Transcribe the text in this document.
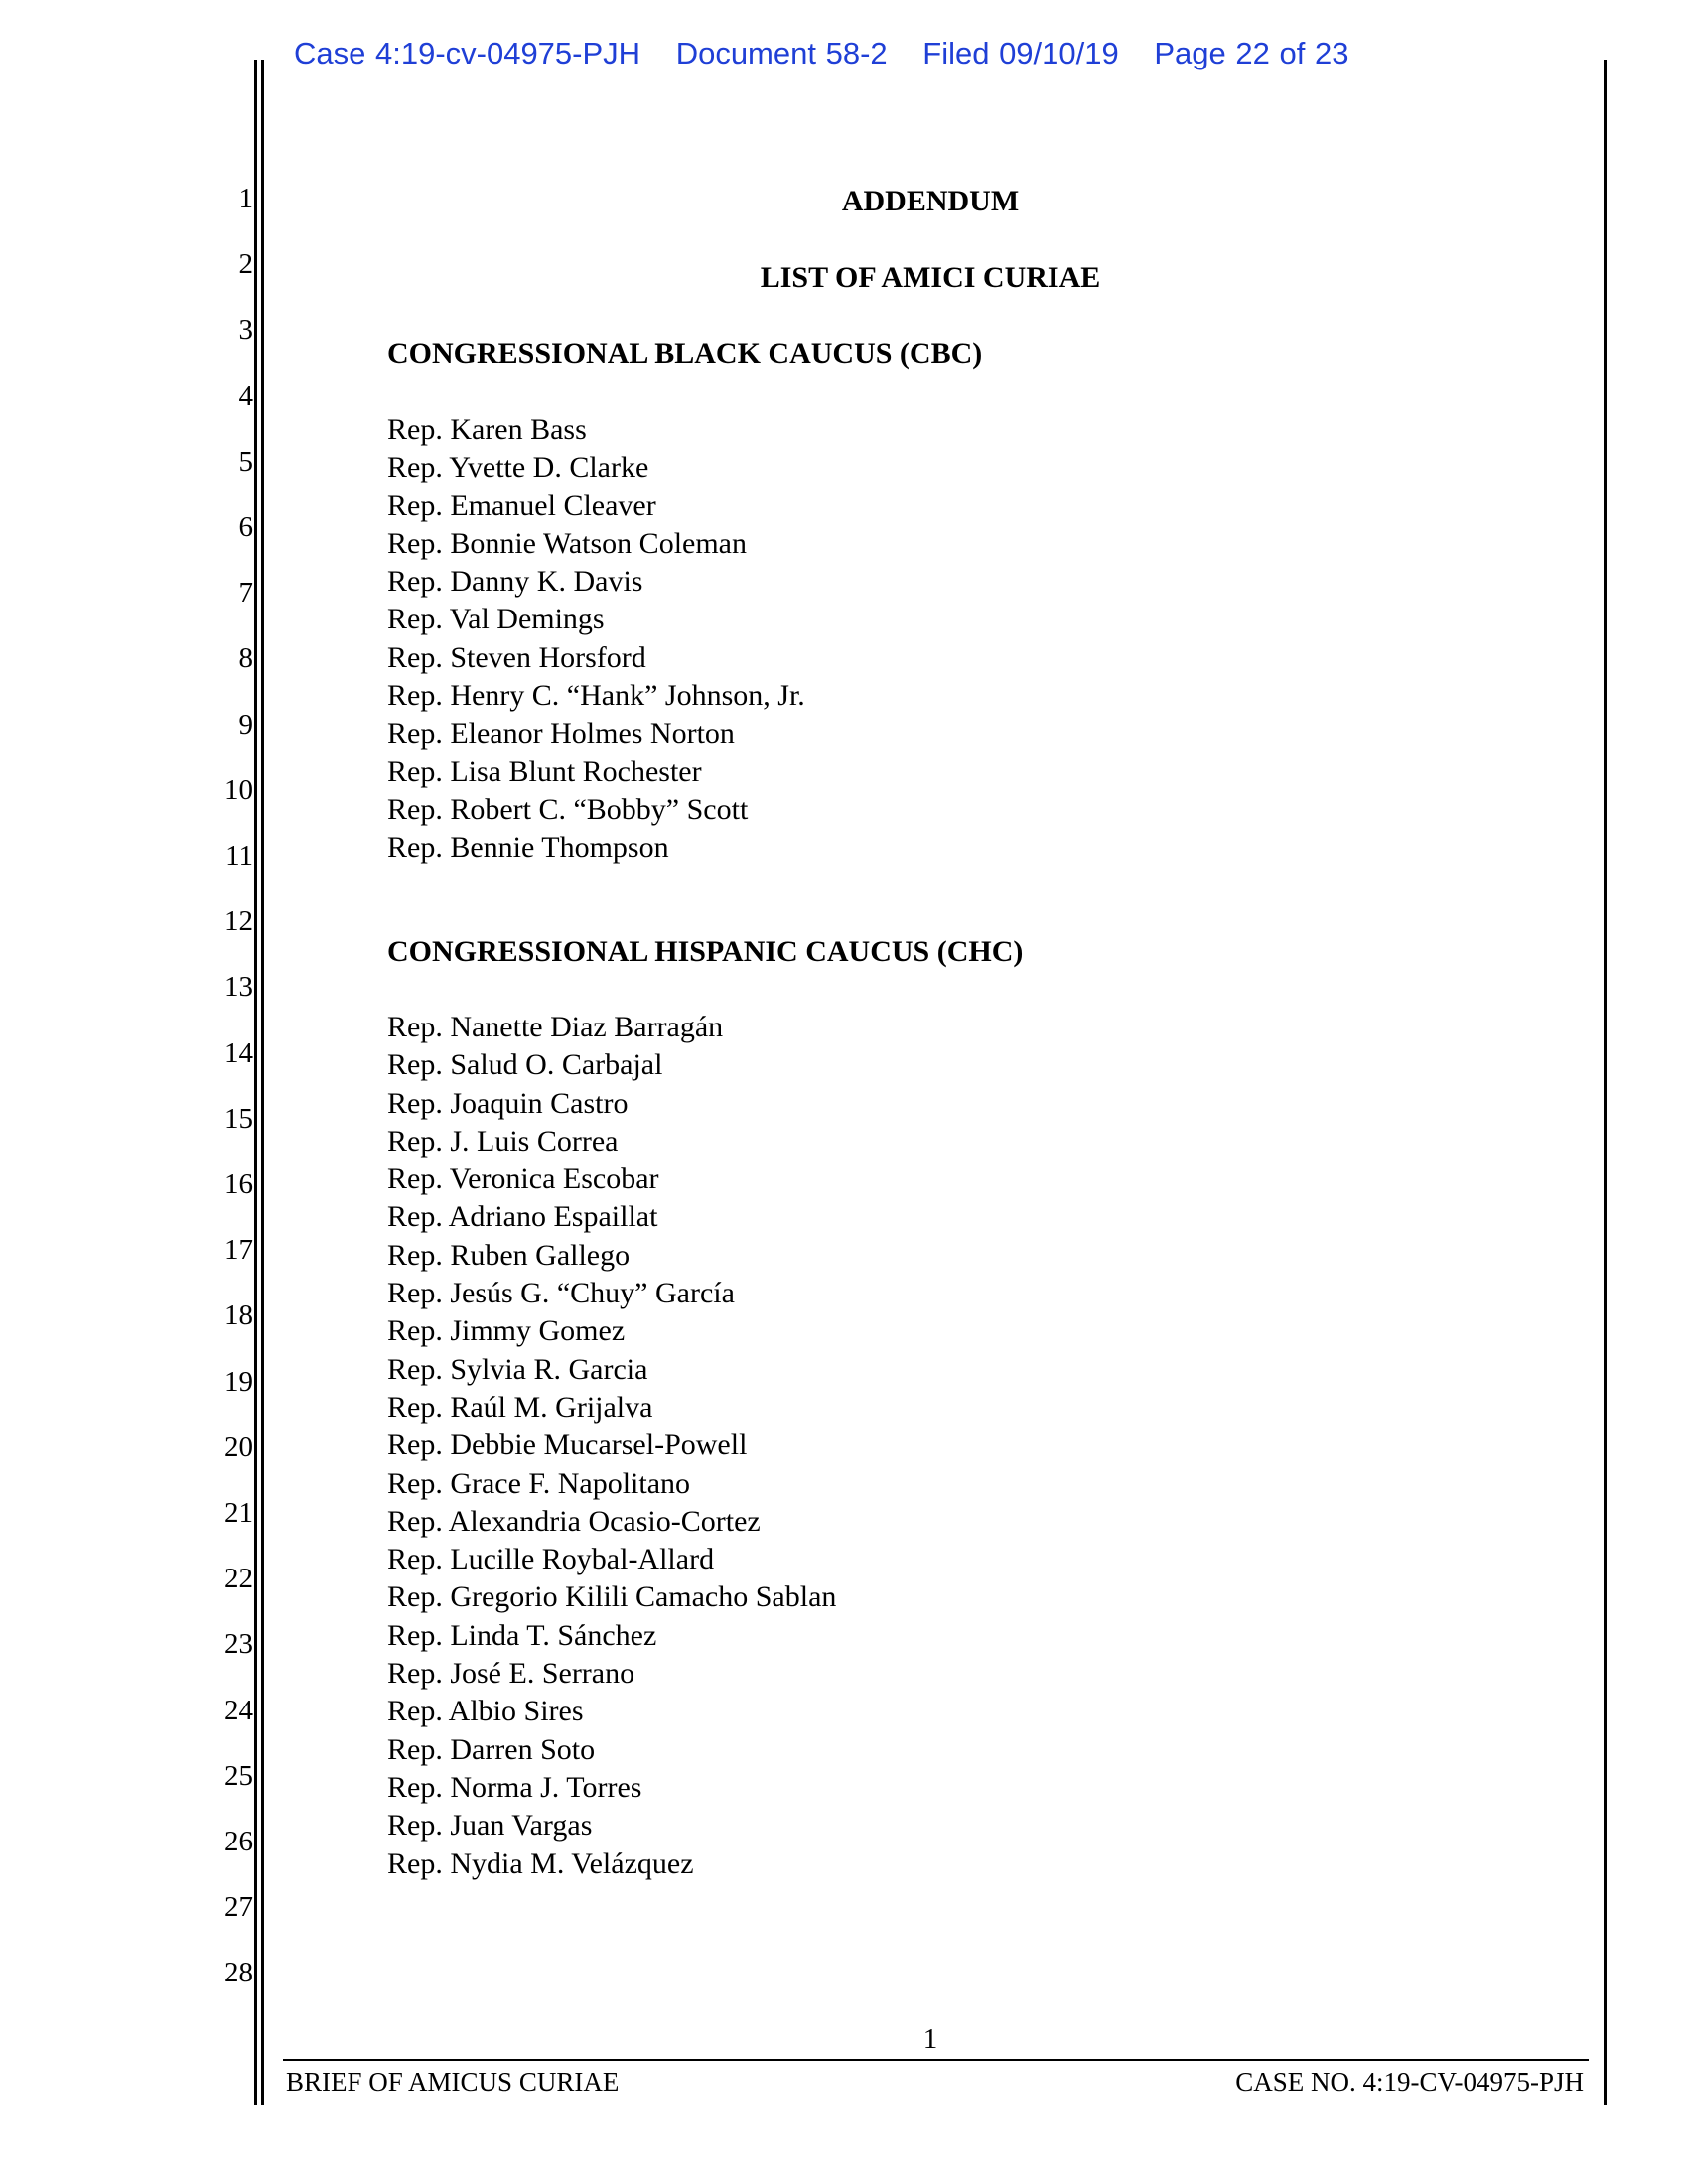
Case 4:19-cv-04975-PJH Document 58-2 Filed 09/10/19 Page 22 of 23
1
2
3
4
5
6
7
8
9
10
11
12
13
14
15
16
17
18
19
20
21
22
23
24
25
26
27
28
ADDENDUM
LIST OF AMICI CURIAE
CONGRESSIONAL BLACK CAUCUS (CBC)
Rep. Karen Bass
Rep. Yvette D. Clarke
Rep. Emanuel Cleaver
Rep. Bonnie Watson Coleman
Rep. Danny K. Davis
Rep. Val Demings
Rep. Steven Horsford
Rep. Henry C. “Hank” Johnson, Jr.
Rep. Eleanor Holmes Norton
Rep. Lisa Blunt Rochester
Rep. Robert C. “Bobby” Scott
Rep. Bennie Thompson
CONGRESSIONAL HISPANIC CAUCUS (CHC)
Rep. Nanette Diaz Barragán
Rep. Salud O. Carbajal
Rep. Joaquin Castro
Rep. J. Luis Correa
Rep. Veronica Escobar
Rep. Adriano Espaillat
Rep. Ruben Gallego
Rep. Jesús G. “Chuy” García
Rep. Jimmy Gomez
Rep. Sylvia R. Garcia
Rep. Raúl M. Grijalva
Rep. Debbie Mucarsel-Powell
Rep. Grace F. Napolitano
Rep. Alexandria Ocasio-Cortez
Rep. Lucille Roybal-Allard
Rep. Gregorio Kilili Camacho Sablan
Rep. Linda T. Sánchez
Rep. José E. Serrano
Rep. Albio Sires
Rep. Darren Soto
Rep. Norma J. Torres
Rep. Juan Vargas
Rep. Nydia M. Velázquez
1
BRIEF OF AMICUS CURIAE	CASE NO. 4:19-CV-04975-PJH
